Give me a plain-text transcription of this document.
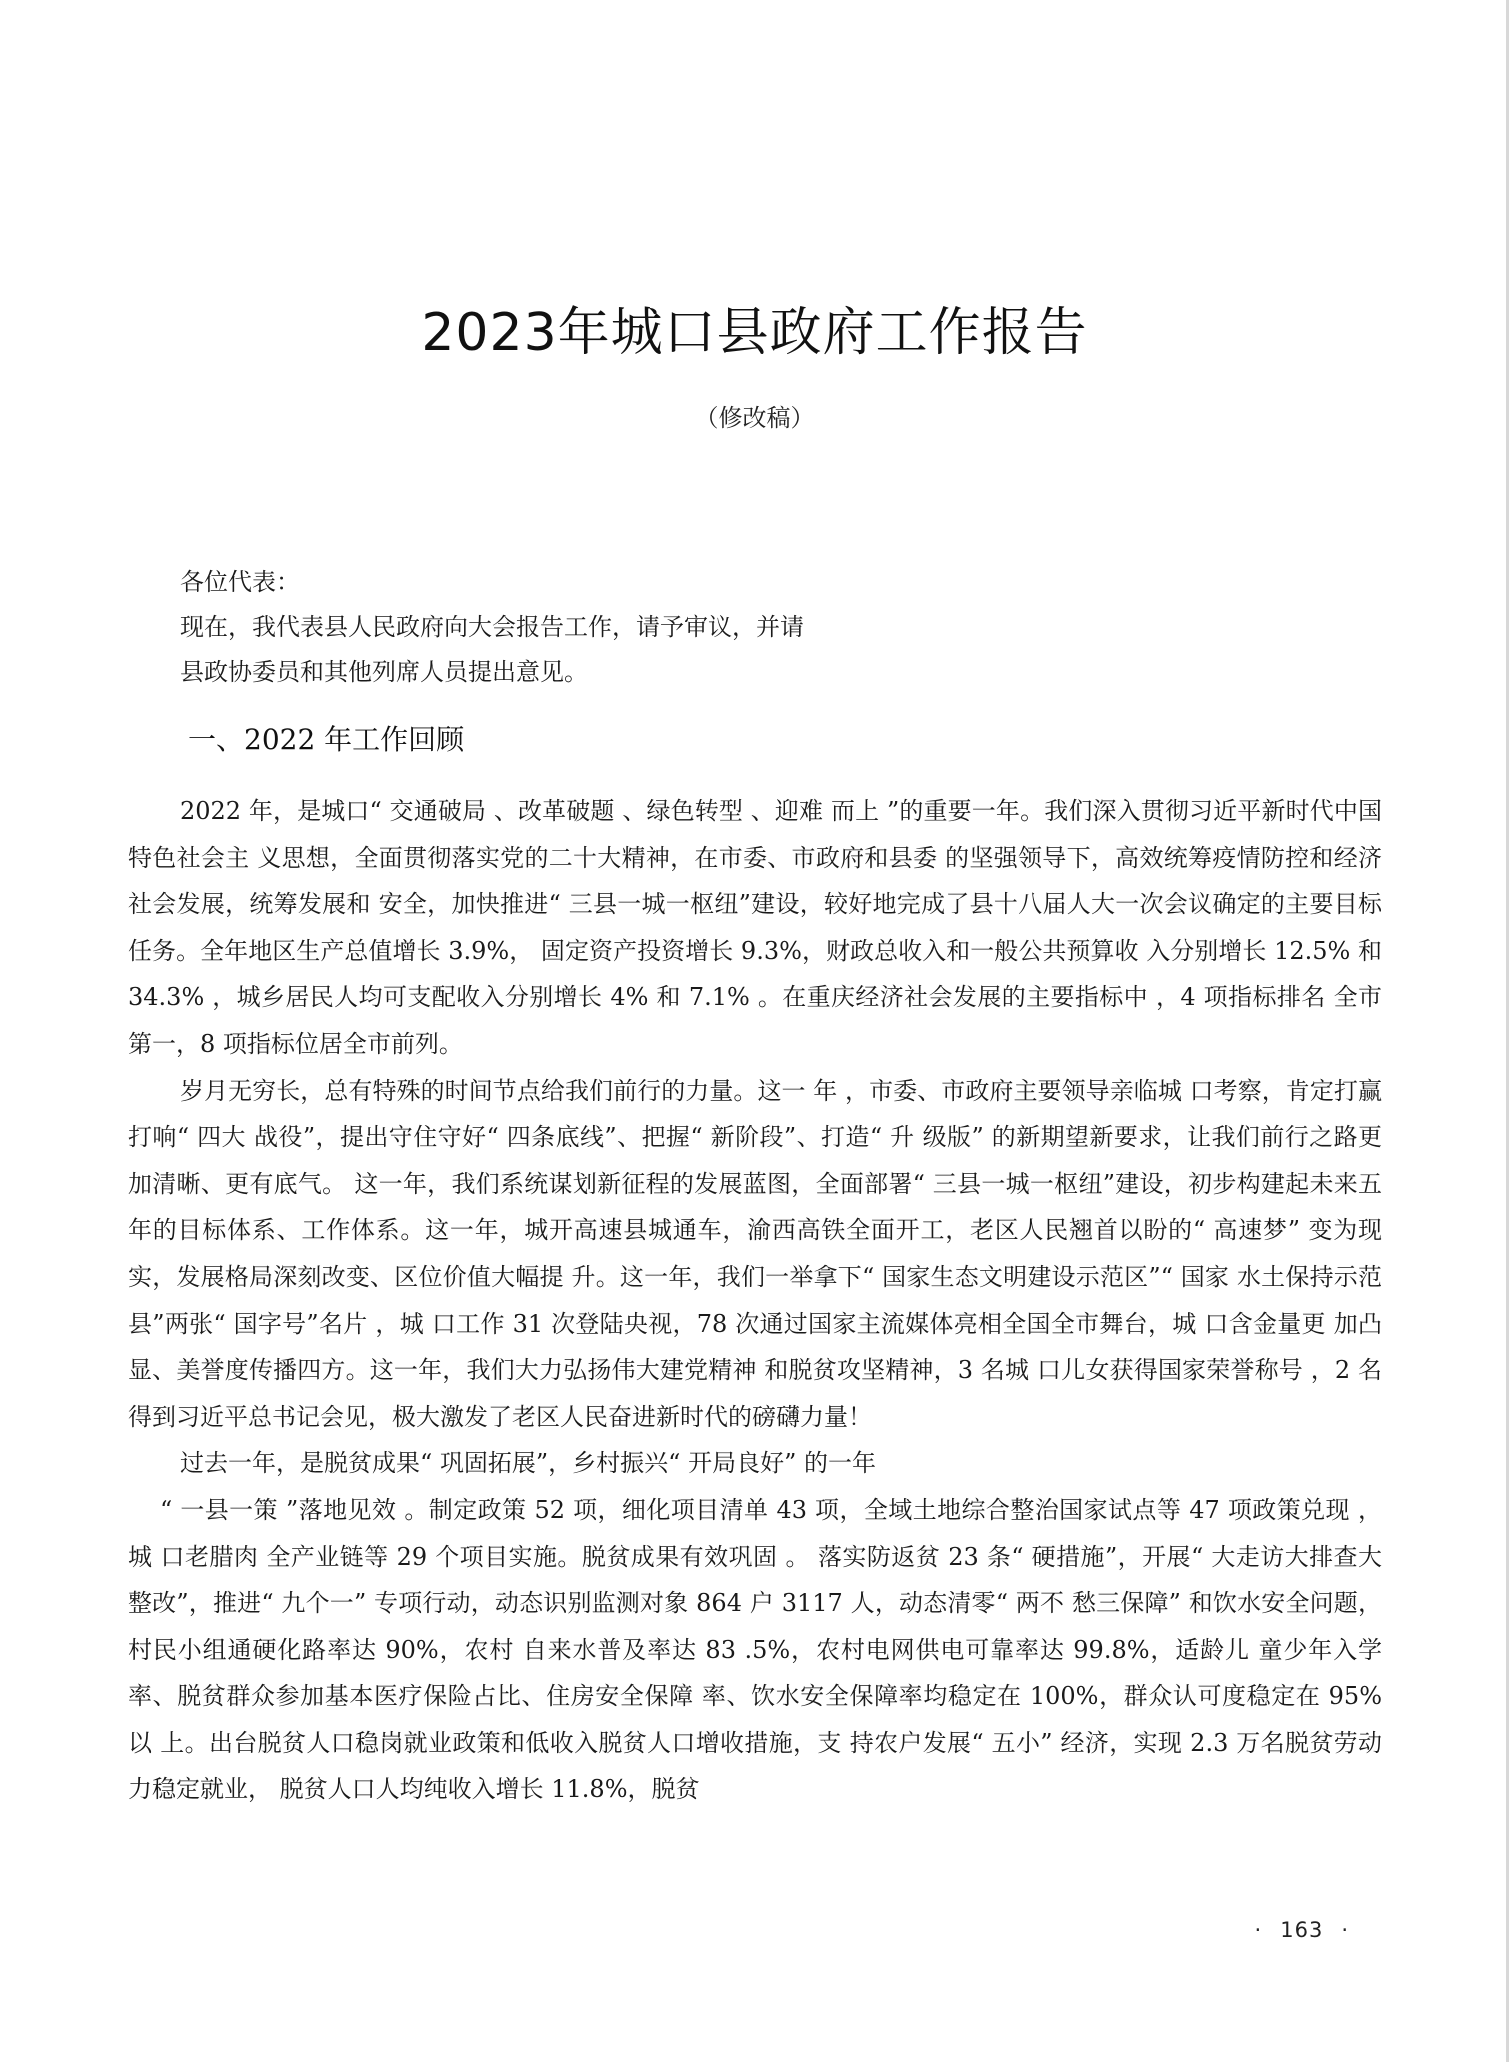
2023年城口县政府工作报告
（修改稿）

各位代表：

现在，我代表县人民政府向大会报告工作，请予审议，并请

县政协委员和其他列席人员提出意见。

一、2022 年工作回顾

2022 年，是城口“ 交通破局 、改革破题 、绿色转型 、迎难 而上 ”的重要一年。我们深入贯彻习近平新时代中国特色社会主 义思想，全面贯彻落实党的二十大精神，在市委、市政府和县委 的坚强领导下，高效统筹疫情防控和经济社会发展，统筹发展和 安全，加快推进“ 三县一城一枢纽”建设，较好地完成了县十八届人大一次会议确定的主要目标任务。全年地区生产总值增长 3.9%， 固定资产投资增长 9.3%，财政总收入和一般公共预算收 入分别增长 12.5% 和 34.3% ，城乡居民人均可支配收入分别增长 4% 和 7.1% 。在重庆经济社会发展的主要指标中 ，4 项指标排名 全市第一，8 项指标位居全市前列。

岁月无穷长，总有特殊的时间节点给我们前行的力量。这一 年 ，市委、市政府主要领导亲临城 口考察，肯定打赢打响“ 四大 战役”，提出守住守好“ 四条底线”、把握“ 新阶段”、打造“ 升 级版” 的新期望新要求，让我们前行之路更加清晰、更有底气。 这一年，我们系统谋划新征程的发展蓝图，全面部署“ 三县一城一枢纽”建设，初步构建起未来五年的目标体系、工作体系。这一年，城开高速县城通车，渝西高铁全面开工，老区人民翘首以盼的“ 高速梦” 变为现实，发展格局深刻改变、区位价值大幅提 升。这一年，我们一举拿下“ 国家生态文明建设示范区”“ 国家 水土保持示范县”两张“ 国字号”名片 ，城 口工作 31 次登陆央视，78 次通过国家主流媒体亮相全国全市舞台，城 口含金量更 加凸显、美誉度传播四方。这一年，我们大力弘扬伟大建党精神 和脱贫攻坚精神，3 名城 口儿女获得国家荣誉称号 ，2 名得到习近平总书记会见，极大激发了老区人民奋进新时代的磅礴力量！

过去一年，是脱贫成果“ 巩固拓展”，乡村振兴“ 开局良好” 的一年

“ 一县一策 ”落地见效 。制定政策 52 项，细化项目清单 43 项，全域土地综合整治国家试点等 47 项政策兑现 ，城 口老腊肉 全产业链等 29 个项目实施。脱贫成果有效巩固 。 落实防返贫 23 条“ 硬措施”，开展“ 大走访大排查大整改”，推进“ 九个一” 专项行动，动态识别监测对象 864 户 3117 人，动态清零“ 两不 愁三保障” 和饮水安全问题，村民小组通硬化路率达 90%，农村 自来水普及率达 83 .5%，农村电网供电可靠率达 99.8%，适龄儿 童少年入学率、脱贫群众参加基本医疗保险占比、住房安全保障 率、饮水安全保障率均稳定在 100%，群众认可度稳定在 95% 以 上。出台脱贫人口稳岗就业政策和低收入脱贫人口增收措施，支 持农户发展“ 五小” 经济，实现 2.3 万名脱贫劳动力稳定就业， 脱贫人口人均纯收入增长 11.8%，脱贫

· 163 ·
